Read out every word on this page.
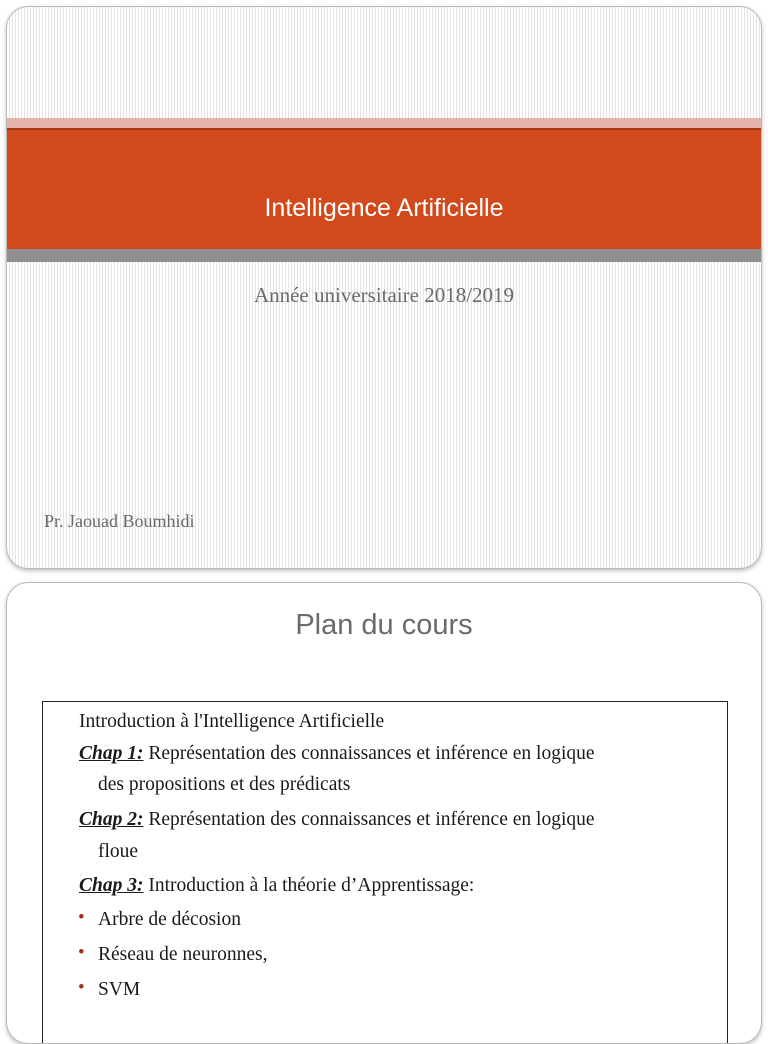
Intelligence Artificielle
Année universitaire 2018/2019
Pr. Jaouad Boumhidi
Plan du cours
Introduction à l'Intelligence Artificielle
Chap 1: Représentation des connaissances et inférence en logique
des propositions et des prédicats
Chap 2: Représentation des connaissances et inférence en logique
floue
Chap 3: Introduction à la théorie d’Apprentissage:
• Arbre de décosion
• Réseau de neuronnes,
• SVM
